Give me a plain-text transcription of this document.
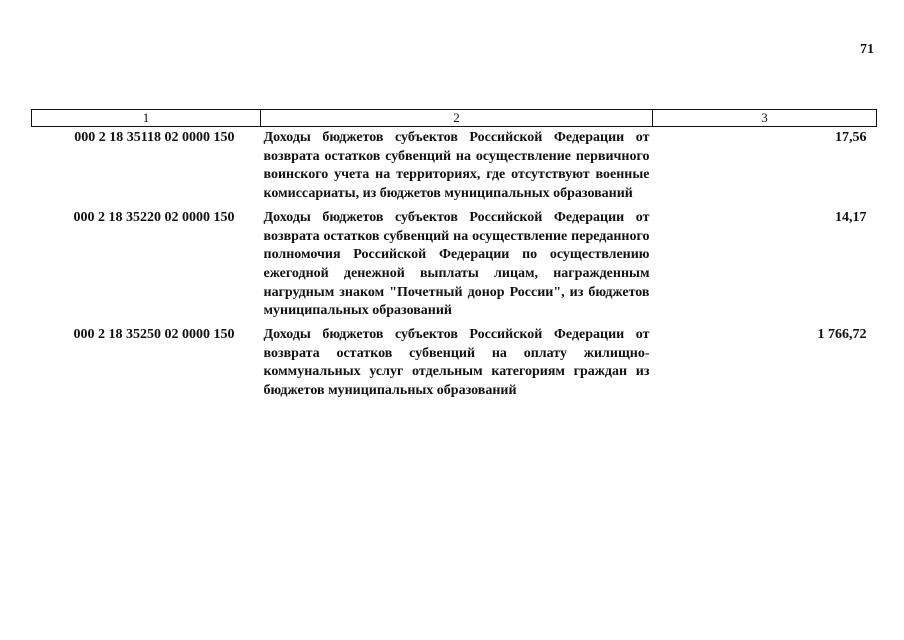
71
1	2	3
000 2 18 35118 02 0000 150	Доходы бюджетов субъектов Российской Федерации от возврата остатков субвенций на осуществление первичного воинского учета на территориях, где отсутствуют военные комиссариаты, из бюджетов муниципальных образований	17,56
000 2 18 35220 02 0000 150	Доходы бюджетов субъектов Российской Федерации от возврата остатков субвенций на осуществление переданного полномочия Российской Федерации по осуществлению ежегодной денежной выплаты лицам, награжденным нагрудным знаком "Почетный донор России", из бюджетов муниципальных образований	14,17
000 2 18 35250 02 0000 150	Доходы бюджетов субъектов Российской Федерации от возврата остатков субвенций на оплату жилищно-коммунальных услуг отдельным категориям граждан из бюджетов муниципальных образований	1 766,72
